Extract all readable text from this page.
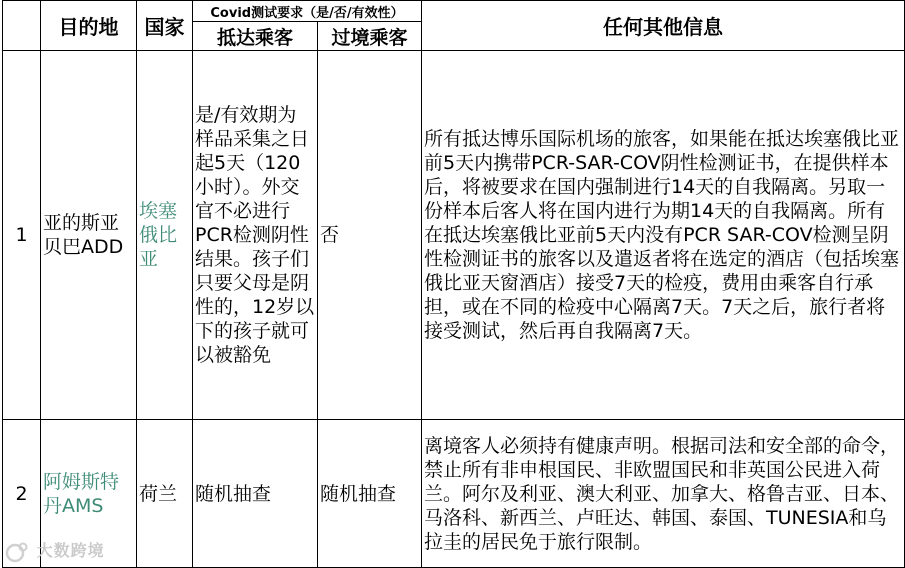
	目的地	国家	Covid测试要求（是/否/有效性）		任何其他信息
			抵达乘客	过境乘客	
1	亚的斯亚贝巴ADD	埃塞俄比亚	是/有效期为样品采集之日起5天（120小时）。外交官不必进行PCR检测阴性结果。孩子们只要父母是阴性的，12岁以下的孩子就可以被豁免	否	所有抵达博乐国际机场的旅客，如果能在抵达埃塞俄比亚前5天内携带PCR-SAR-COV阴性检测证书，在提供样本后，将被要求在国内强制进行14天的自我隔离。另取一份样本后客人将在国内进行为期14天的自我隔离。所有在抵达埃塞俄比亚前5天内没有PCR SAR-COV检测呈阴性检测证书的旅客以及遣返者将在选定的酒店（包括埃塞俄比亚天窗酒店）接受7天的检疫，费用由乘客自行承担，或在不同的检疫中心隔离7天。7天之后，旅行者将接受测试，然后再自我隔离7天。
2	阿姆斯特丹AMS	荷兰	随机抽查	随机抽查	离境客人必须持有健康声明。根据司法和安全部的命令，禁止所有非申根国民、非欧盟国民和非英国公民进入荷兰。阿尔及利亚、澳大利亚、加拿大、格鲁吉亚、日本、马洛科、新西兰、卢旺达、韩国、泰国、TUNESIA和乌拉圭的居民免于旅行限制。
大数跨境
